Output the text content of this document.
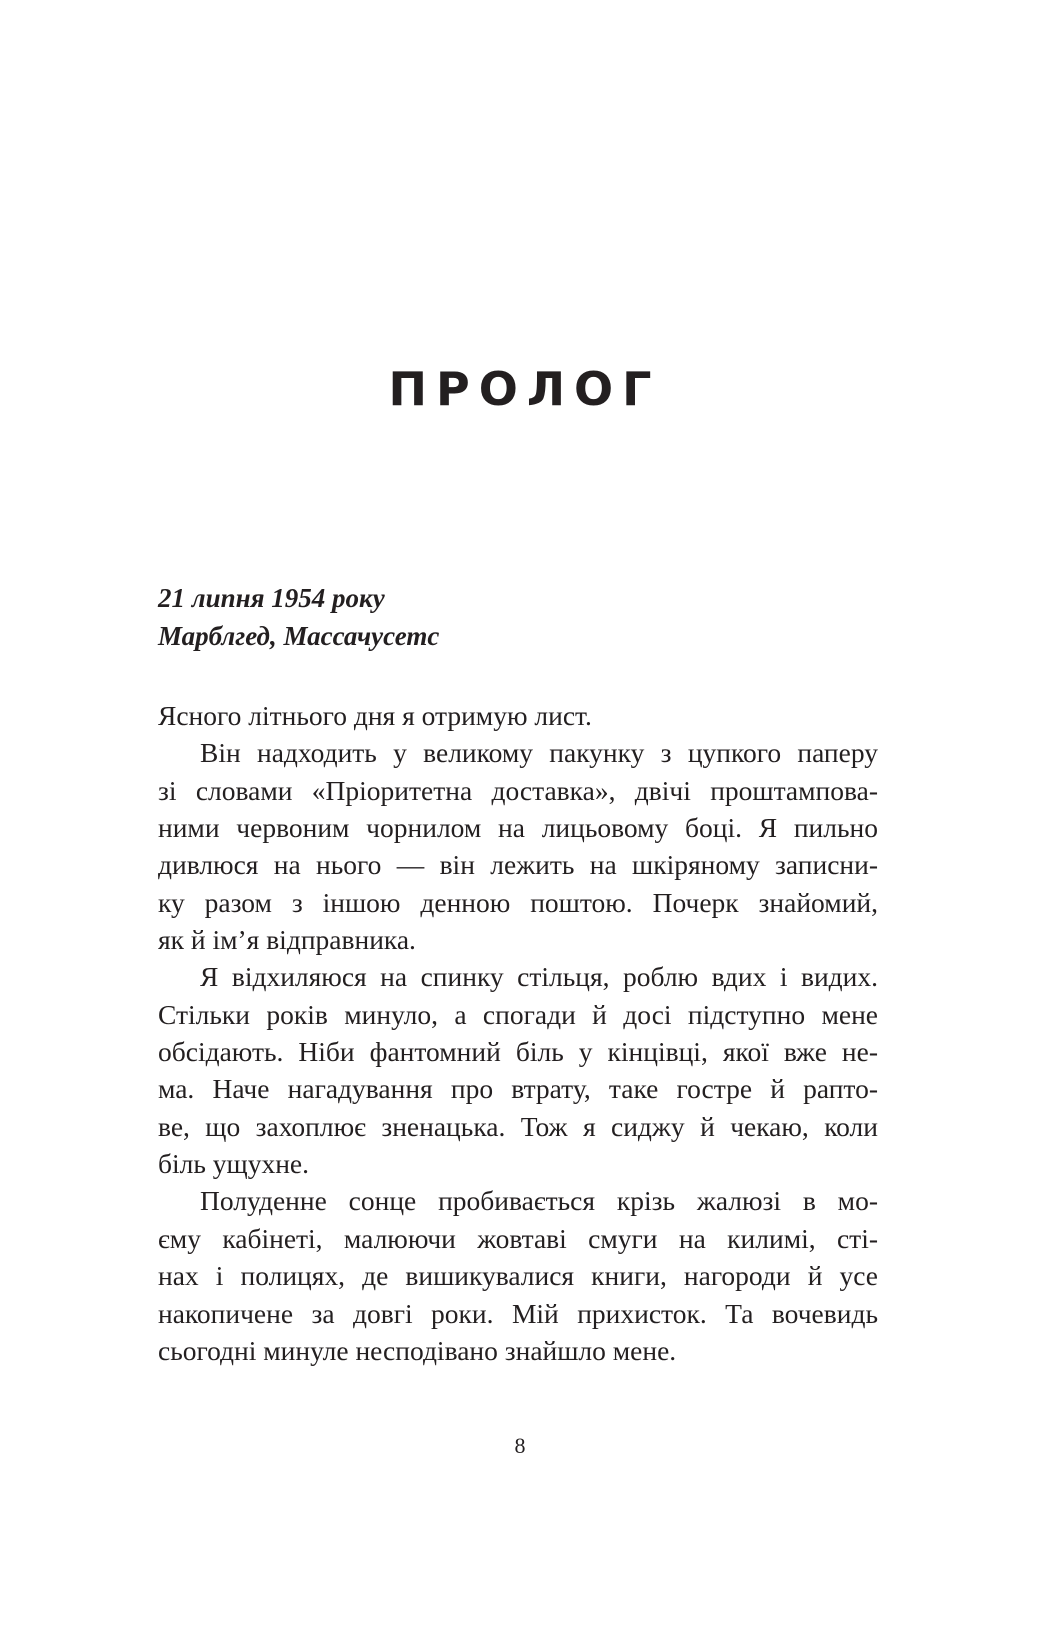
ПРОЛОГ
21 липня 1954 року
Марблгед, Массачусетс
Ясного літнього дня я отримую лист.
Він надходить у великому пакунку з цупкого паперу
зі словами «Пріоритетна доставка», двічі проштампова-
ними червоним чорнилом на лицьовому боці. Я пильно
дивлюся на нього — він лежить на шкіряному записни-
ку разом з іншою денною поштою. Почерк знайомий,
як й ім’я відправника.
Я відхиляюся на спинку стільця, роблю вдих і видих.
Стільки років минуло, а спогади й досі підступно мене
обсідають. Ніби фантомний біль у кінцівці, якої вже не-
ма. Наче нагадування про втрату, таке гостре й рапто-
ве, що захоплює зненацька. Тож я сиджу й чекаю, коли
біль ущухне.
Полуденне сонце пробивається крізь жалюзі в мо-
єму кабінеті, малюючи жовтаві смуги на килимі, сті-
нах і полицях, де вишикувалися книги, нагороди й усе
накопичене за довгі роки. Мій прихисток. Та вочевидь
сьогодні минуле несподівано знайшло мене.
8
